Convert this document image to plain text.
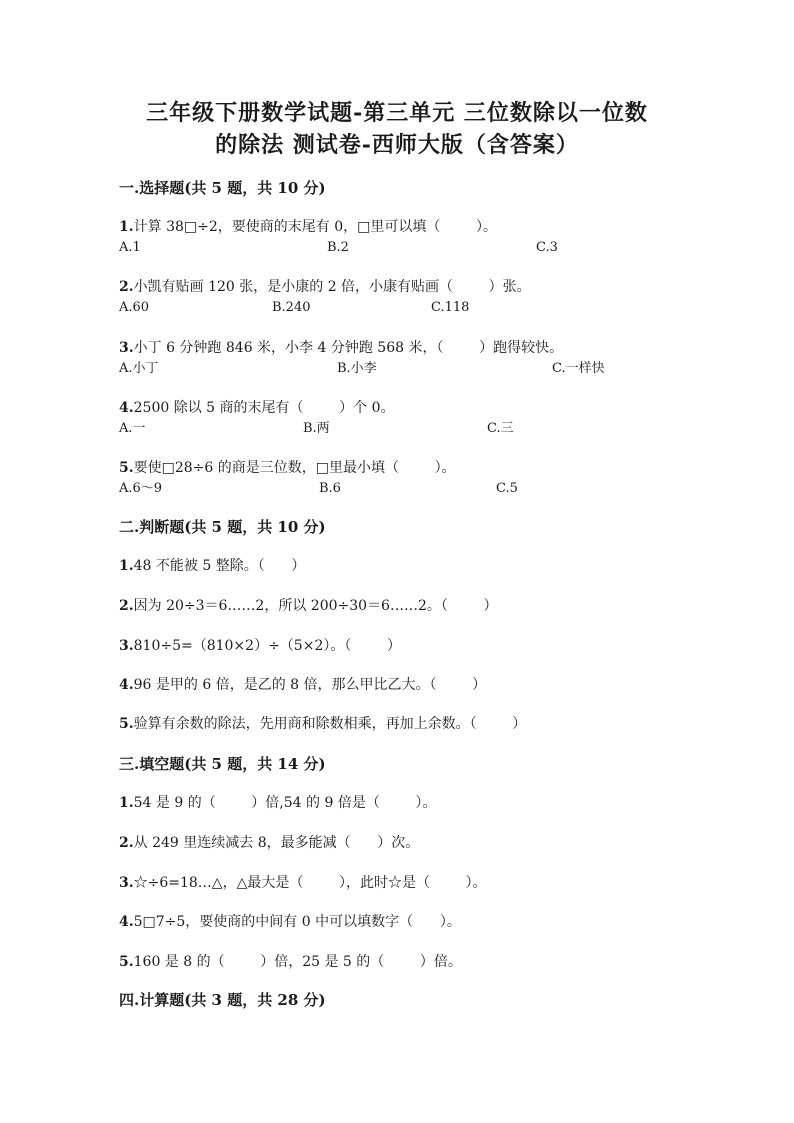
三年级下册数学试题-第三单元 三位数除以一位数
的除法 测试卷-西师大版（含答案）
一.选择题(共 5 题，共 10 分)
1.计算 38□÷2，要使商的末尾有 0，□里可以填（        ）。
A.1	B.2	C.3
2.小凯有贴画 120 张，是小康的 2 倍，小康有贴画（        ）张。
A.60	B.240	C.118
3.小丁 6 分钟跑 846 米，小李 4 分钟跑 568 米，（        ）跑得较快。
A.小丁	B.小李	C.一样快
4.2500 除以 5 商的末尾有（        ）个 0。
A.一	B.两	C.三
5.要使□28÷6 的商是三位数，□里最小填（        ）。
A.6～9	B.6	C.5
二.判断题(共 5 题，共 10 分)
1.48 不能被 5 整除。（      ）
2.因为 20÷3＝6……2，所以 200÷30＝6……2。（        ）
3.810÷5=（810×2）÷（5×2）。（        ）
4.96 是甲的 6 倍，是乙的 8 倍，那么甲比乙大。（        ）
5.验算有余数的除法，先用商和除数相乘，再加上余数。（        ）
三.填空题(共 5 题，共 14 分)
1.54 是 9 的（        ）倍,54 的 9 倍是（        ）。
2.从 249 里连续减去 8，最多能减（      ）次。
3.☆÷6=18…△，△最大是（        ），此时☆是（        ）。
4.5□7÷5，要使商的中间有 0 中可以填数字（      ）。
5.160 是 8 的（        ）倍，25 是 5 的（        ）倍。
四.计算题(共 3 题，共 28 分)
